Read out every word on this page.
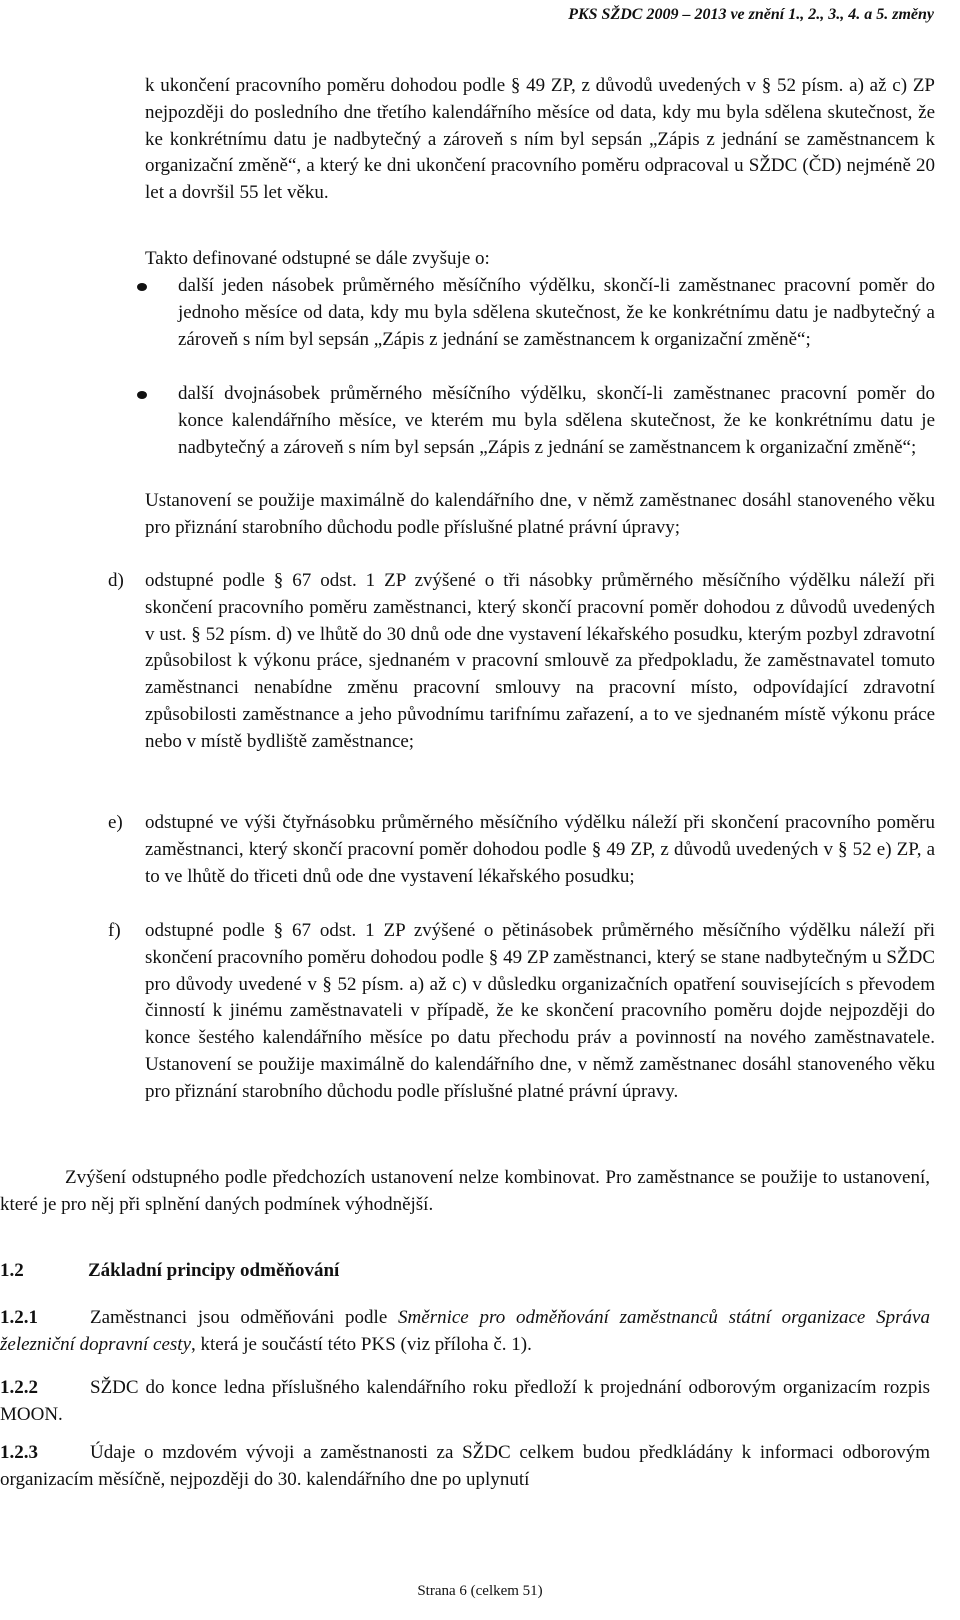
PKS SŽDC 2009 – 2013 ve znění 1., 2., 3., 4. a 5. změny
k ukončení pracovního poměru dohodou podle § 49 ZP, z důvodů uvedených v § 52 písm. a) až c) ZP nejpozději do posledního dne třetího kalendářního měsíce od data, kdy mu byla sdělena skutečnost, že ke konkrétnímu datu je nadbytečný a zároveň s ním byl sepsán „Zápis z jednání se zaměstnancem k organizační změně“, a který ke dni ukončení pracovního poměru odpracoval u SŽDC (ČD) nejméně 20 let a dovršil 55 let věku.
Takto definované odstupné se dále zvyšuje o:
další jeden násobek průměrného měsíčního výdělku, skončí-li zaměstnanec pracovní poměr do jednoho měsíce od data, kdy mu byla sdělena skutečnost, že ke konkrétnímu datu je nadbytečný a zároveň s ním byl sepsán „Zápis z jednání se zaměstnancem k organizační změně“;
další dvojnásobek průměrného měsíčního výdělku, skončí-li zaměstnanec pracovní poměr do konce kalendářního měsíce, ve kterém mu byla sdělena skutečnost, že ke konkrétnímu datu je nadbytečný a zároveň s ním byl sepsán „Zápis z jednání se zaměstnancem k organizační změně“;
Ustanovení se použije maximálně do kalendářního dne, v němž zaměstnanec dosáhl stanoveného věku pro přiznání starobního důchodu podle příslušné platné právní úpravy;
d) odstupné podle § 67 odst. 1 ZP zvýšené o tři násobky průměrného měsíčního výdělku náleží při skončení pracovního poměru zaměstnanci, který skončí pracovní poměr dohodou z důvodů uvedených v ust. § 52 písm. d) ve lhůtě do 30 dnů ode dne vystavení lékařského posudku, kterým pozbyl zdravotní způsobilost k výkonu práce, sjednaném v pracovní smlouvě za předpokladu, že zaměstnavatel tomuto zaměstnanci nenabídne změnu pracovní smlouvy na pracovní místo, odpovídající zdravotní způsobilosti zaměstnance a jeho původnímu tarifnímu zařazení, a to ve sjednaném místě výkonu práce nebo v místě bydliště zaměstnance;
e) odstupné ve výši čtyřnásobku průměrného měsíčního výdělku náleží při skončení pracovního poměru zaměstnanci, který skončí pracovní poměr dohodou podle § 49 ZP, z důvodů uvedených v § 52 e) ZP, a to ve lhůtě do třiceti dnů ode dne vystavení lékařského posudku;
f) odstupné podle § 67 odst. 1 ZP zvýšené o pětinásobek průměrného měsíčního výdělku náleží při skončení pracovního poměru dohodou podle § 49 ZP zaměstnanci, který se stane nadbytečným u SŽDC pro důvody uvedené v § 52 písm. a) až c) v důsledku organizačních opatření souvisejících s převodem činností k jinému zaměstnavateli v případě, že ke skončení pracovního poměru dojde nejpozději do konce šestého kalendářního měsíce po datu přechodu práv a povinností na nového zaměstnavatele. Ustanovení se použije maximálně do kalendářního dne, v němž zaměstnanec dosáhl stanoveného věku pro přiznání starobního důchodu podle příslušné platné právní úpravy.
Zvýšení odstupného podle předchozích ustanovení nelze kombinovat. Pro zaměstnance se použije to ustanovení, které je pro něj při splnění daných podmínek výhodnější.
1.2	Základní principy odměňování
1.2.1	Zaměstnanci jsou odměňováni podle Směrnice pro odměňování zaměstnanců státní organizace Správa železniční dopravní cesty, která je součástí této PKS (viz příloha č. 1).
1.2.2	SŽDC do konce ledna příslušného kalendářního roku předloží k projednání odborovým organizacím rozpis MOON.
1.2.3	Údaje o mzdovém vývoji a zaměstnanosti za SŽDC celkem budou předkládány k informaci odborovým organizacím měsíčně, nejpozději do 30. kalendářního dne po uplynutí
Strana 6 (celkem 51)
